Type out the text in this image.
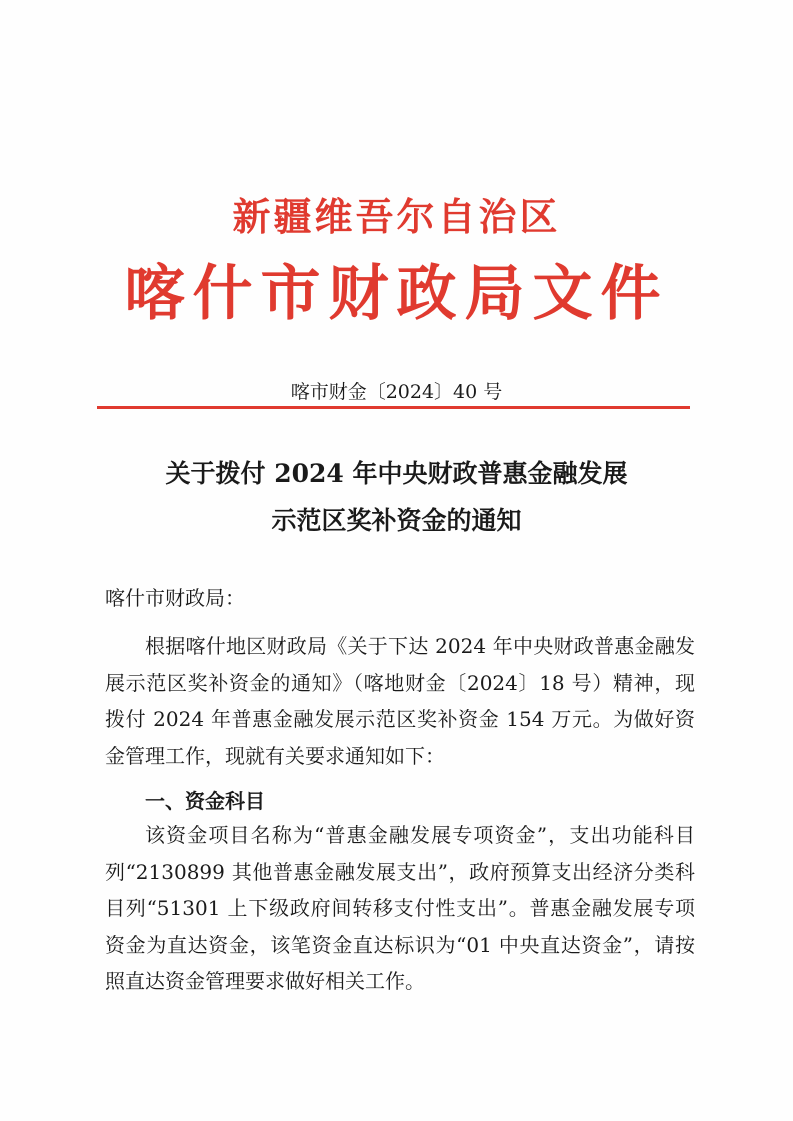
新疆维吾尔自治区
喀什市财政局文件
喀市财金〔2024〕40 号
关于拨付 2024 年中央财政普惠金融发展
示范区奖补资金的通知
喀什市财政局：

根据喀什地区财政局《关于下达 2024 年中央财政普惠金融发展示范区奖补资金的通知》（喀地财金〔2024〕18 号）精神，现拨付 2024 年普惠金融发展示范区奖补资金 154 万元。为做好资金管理工作，现就有关要求通知如下：

一、资金科目

该资金项目名称为“普惠金融发展专项资金”，支出功能科目列“2130899 其他普惠金融发展支出”，政府预算支出经济分类科目列“51301 上下级政府间转移支付性支出”。普惠金融发展专项资金为直达资金，该笔资金直达标识为“01 中央直达资金”，请按照直达资金管理要求做好相关工作。
